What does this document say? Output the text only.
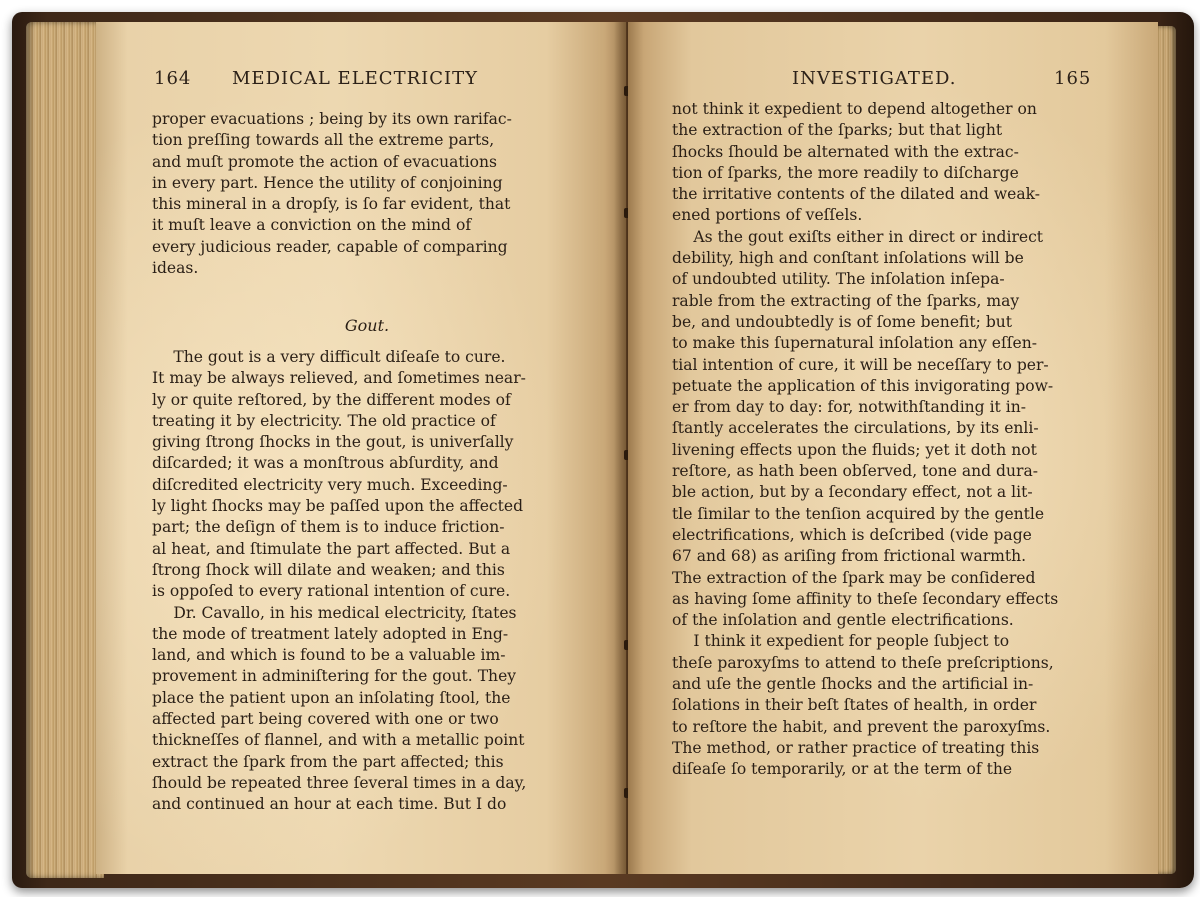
164 MEDICAL ELECTRICITY
proper evacuations ; being by its own rarifac-
tion preſſing towards all the extreme parts,
and muſt promote the action of evacuations
in every part. Hence the utility of conjoining
this mineral in a dropſy, is ſo far evident, that
it muſt leave a conviction on the mind of
every judicious reader, capable of comparing
ideas.
Gout.
The gout is a very difficult diſeaſe to cure.
It may be always relieved, and ſometimes near-
ly or quite reſtored, by the different modes of
treating it by electricity. The old practice of
giving ſtrong ſhocks in the gout, is univerſally
diſcarded; it was a monſtrous abſurdity, and
diſcredited electricity very much. Exceeding-
ly light ſhocks may be paſſed upon the affected
part; the deſign of them is to induce friction-
al heat, and ſtimulate the part affected. But a
ſtrong ſhock will dilate and weaken; and this
is oppoſed to every rational intention of cure.
Dr. Cavallo, in his medical electricity, ſtates
the mode of treatment lately adopted in Eng-
land, and which is found to be a valuable im-
provement in adminiſtering for the gout. They
place the patient upon an inſolating ſtool, the
affected part being covered with one or two
thickneſſes of flannel, and with a metallic point
extract the ſpark from the part affected; this
ſhould be repeated three ſeveral times in a day,
and continued an hour at each time. But I do
INVESTIGATED.	165
not think it expedient to depend altogether on
the extraction of the ſparks; but that light
ſhocks ſhould be alternated with the extrac-
tion of ſparks, the more readily to diſcharge
the irritative contents of the dilated and weak-
ened portions of veſſels.
As the gout exiſts either in direct or indirect
debility, high and conſtant inſolations will be
of undoubted utility. The inſolation inſepa-
rable from the extracting of the ſparks, may
be, and undoubtedly is of ſome benefit; but
to make this ſupernatural inſolation any eſſen-
tial intention of cure, it will be neceſſary to per-
petuate the application of this invigorating pow-
er from day to day: for, notwithſtanding it in-
ſtantly accelerates the circulations, by its enli-
livening effects upon the fluids; yet it doth not
reſtore, as hath been obſerved, tone and dura-
ble action, but by a ſecondary effect, not a lit-
tle ſimilar to the tenſion acquired by the gentle
electrifications, which is deſcribed (vide page
67 and 68) as ariſing from frictional warmth.
The extraction of the ſpark may be conſidered
as having ſome affinity to theſe ſecondary effects
of the inſolation and gentle electrifications.
I think it expedient for people ſubject to
theſe paroxyſms to attend to theſe preſcriptions,
and uſe the gentle ſhocks and the artificial in-
ſolations in their beſt ſtates of health, in order
to reſtore the habit, and prevent the paroxyſms.
The method, or rather practice of treating this
diſeaſe ſo temporarily, or at the term of the
